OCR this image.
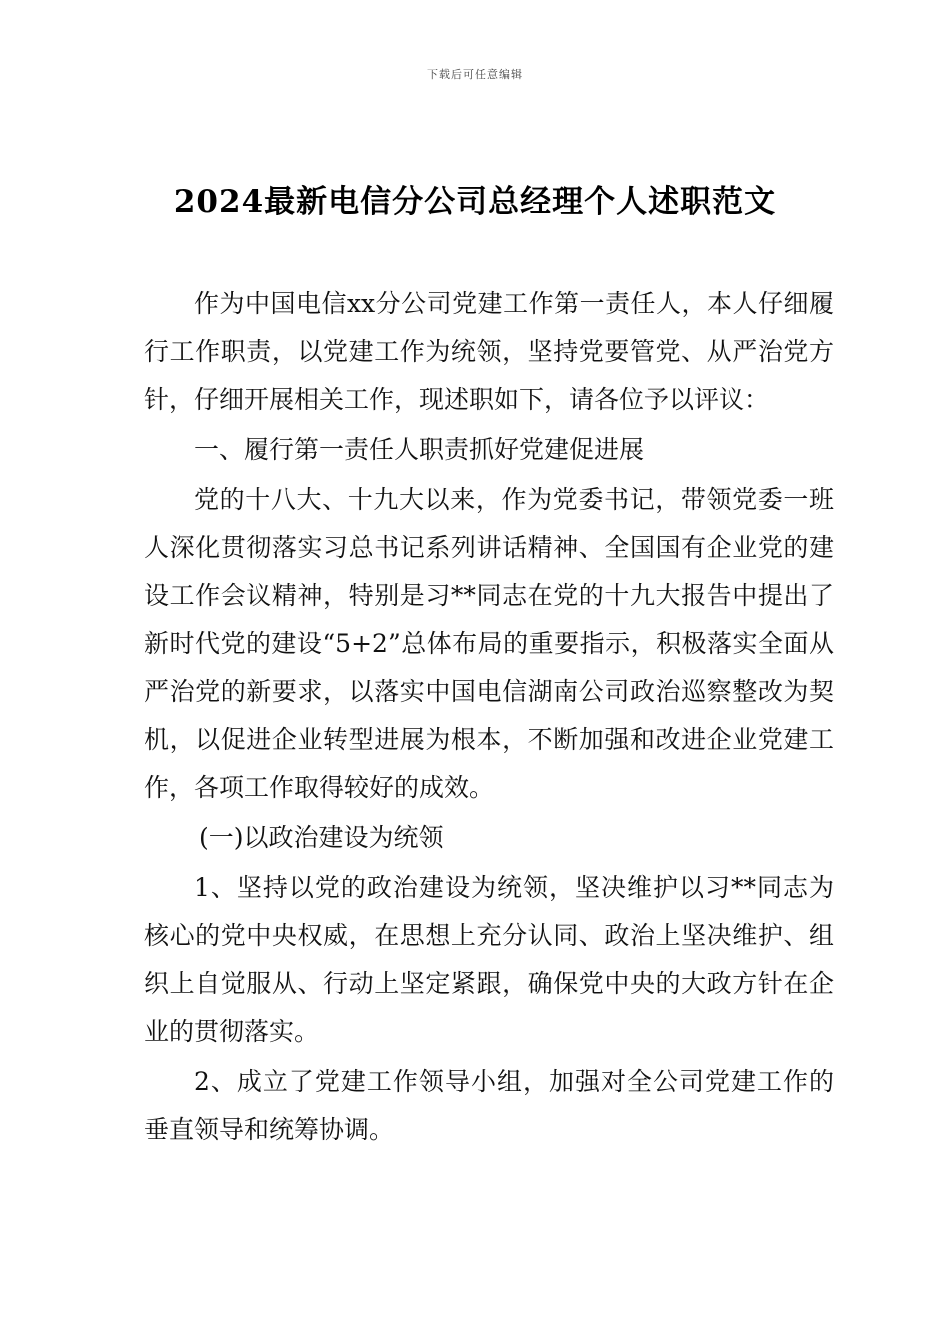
下载后可任意编辑
2024最新电信分公司总经理个人述职范文

作为中国电信xx分公司党建工作第一责任人，本人仔细履行工作职责，以党建工作为统领，坚持党要管党、从严治党方针，仔细开展相关工作，现述职如下，请各位予以评议：

一、履行第一责任人职责抓好党建促进展

党的十八大、十九大以来，作为党委书记，带领党委一班人深化贯彻落实习总书记系列讲话精神、全国国有企业党的建设工作会议精神，特别是习**同志在党的十九大报告中提出了新时代党的建设“5+2”总体布局的重要指示，积极落实全面从严治党的新要求，以落实中国电信湖南公司政治巡察整改为契机，以促进企业转型进展为根本，不断加强和改进企业党建工作，各项工作取得较好的成效。

(一)以政治建设为统领

1、坚持以党的政治建设为统领，坚决维护以习**同志为核心的党中央权威，在思想上充分认同、政治上坚决维护、组织上自觉服从、行动上坚定紧跟，确保党中央的大政方针在企业的贯彻落实。

2、成立了党建工作领导小组，加强对全公司党建工作的垂直领导和统筹协调。
